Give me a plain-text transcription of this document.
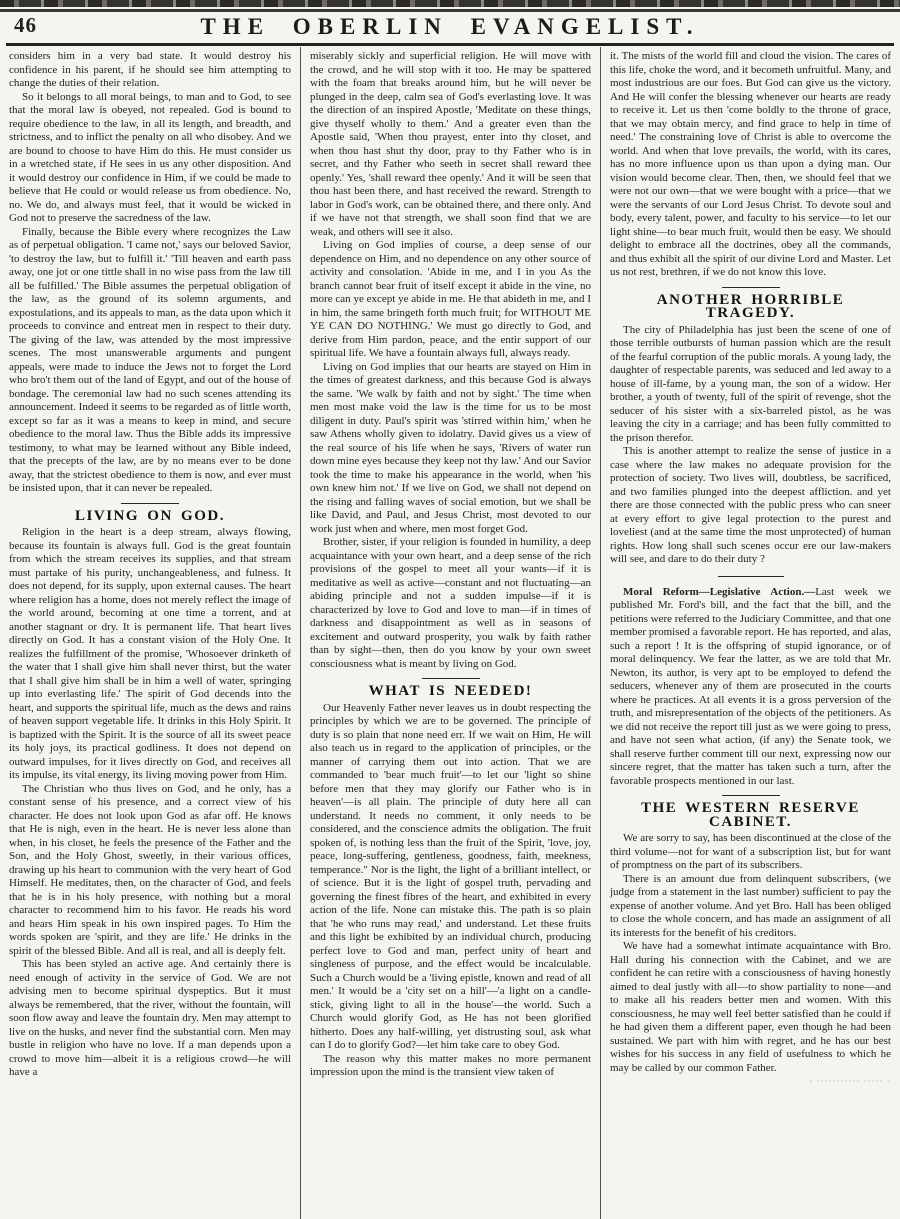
46	THE OBERLIN EVANGELIST.

considers him in a very bad state. It would destroy his confidence in his parent, if he should see him attempting to change the duties of their relation.

So it belongs to all moral beings, to man and to God, to see that the moral law is obeyed, not repealed. God is bound to require obedience to the law, in all its length, and breadth, and strictness, and to inflict the penalty on all who disobey. And we are bound to choose to have Him do this. He must consider us in a wretched state, if He sees in us any other disposition. And it would destroy our confidence in Him, if we could be made to believe that He could or would release us from obedience. No, no. We do, and always must feel, that it would be wicked in God not to preserve the sacredness of the law.

Finally, because the Bible every where recognizes the Law as of perpetual obligation. 'I came not,' says our beloved Savior, 'to destroy the law, but to fulfill it.' 'Till heaven and earth pass away, one jot or one tittle shall in no wise pass from the law till all be fulfilled.' The Bible assumes the perpetual obligation of the law, as the ground of its solemn arguments, and expostulations, and its appeals to man, as the data upon which it proceeds to convince and entreat men in respect to their duty. The giving of the law, was attended by the most impressive scenes. The most unanswerable arguments and pungent appeals, were made to induce the Jews not to forget the Lord who bro't them out of the land of Egypt, and out of the house of bondage. The ceremonial law had no such scenes attending its announcement. Indeed it seems to be regarded as of little worth, except so far as it was a means to keep in mind, and secure obedience to the moral law. Thus the Bible adds its impressive testimony, to what may be learned without any Bible indeed, that the precepts of the law, are by no means ever to be done away, that the strictest obedience to them is now, and ever must be insisted upon, that it can never be repealed.

LIVING ON GOD.

Religion in the heart is a deep stream, always flowing, because its fountain is always full. God is the great fountain from which the stream receives its supplies, and that stream must partake of his purity, unchangeableness, and fulness. It does not depend, for its supply, upon external causes. The heart where religion has a home, does not merely reflect the image of the world around, becoming at one time a torrent, and at another stagnant or dry. It is permanent life. That heart lives directly on God. It has a constant vision of the Holy One. It realizes the fulfillment of the promise, 'Whosoever drinketh of the water that I shall give him shall never thirst, but the water that I shall give him shall be in him a well of water, springing up into everlasting life.' The spirit of God decends into the heart, and supports the spiritual life, much as the dews and rains of heaven support vegetable life. It drinks in this Holy Spirit. It is baptized with the Spirit. It is the source of all its sweet peace its holy joys, its practical godliness. It does not depend on outward impulses, for it lives directly on God, and receives all its impulse, its vital energy, its living moving power from Him.

The Christian who thus lives on God, and he only, has a constant sense of his presence, and a correct view of his character. He does not look upon God as afar off. He knows that He is nigh, even in the heart. He is never less alone than when, in his closet, he feels the presence of the Father and the Son, and the Holy Ghost, sweetly, in their various offices, drawing up his heart to communion with the very heart of God Himself. He meditates, then, on the character of God, and feels that he is in his holy presence, with nothing but a moral character to recommend him to his favor. He reads his word and hears Him speak in his own inspired pages. To Him the words spoken are 'spirit, and they are life.' He drinks in the spirit of the blessed Bible. And all is real, and all is deeply felt.

This has been styled an active age. And certainly there is need enough of activity in the service of God. We are not advising men to become spiritual dyspeptics. But it must always be remembered, that the river, without the fountain, will soon flow away and leave the fountain dry. Men may attempt to live on the husks, and never find the substantial corn. Men may bustle in religion who have no love. If a man depends upon a crowd to move him—albeit it is a religious crowd—he will have a

miserably sickly and superficial religion. He will move with the crowd, and he will stop with it too. He may be spattered with the foam that breaks around him, but he will never be plunged in the deep, calm sea of God's everlasting love. It was the direction of an inspired Apostle, 'Meditate on these things, give thyself wholly to them.' And a greater even than the Apostle said, 'When thou prayest, enter into thy closet, and when thou hast shut thy door, pray to thy Father who is in secret, and thy Father who seeth in secret shall reward thee openly.' Yes, 'shall reward thee openly.' And it will be seen that thou hast been there, and hast received the reward. Strength to labor in God's work, can be obtained there, and there only. And if we have not that strength, we shall soon find that we are weak, and others will see it also.

Living on God implies of course, a deep sense of our dependence on Him, and no dependence on any other source of activity and consolation. 'Abide in me, and I in you As the branch cannot bear fruit of itself except it abide in the vine, no more can ye except ye abide in me. He that abideth in me, and I in him, the same bringeth forth much fruit; for WITHOUT ME YE CAN DO NOTHING.' We must go directly to God, and derive from Him pardon, peace, and the entir support of our spiritual life. We have a fountain always full, always ready.

Living on God implies that our hearts are stayed on Him in the times of greatest darkness, and this because God is always the same. 'We walk by faith and not by sight.' The time when men most make void the law is the time for us to be most diligent in duty. Paul's spirit was 'stirred within him,' when he saw Athens wholly given to idolatry. David gives us a view of the real source of his life when he says, 'Rivers of water run down mine eyes because they keep not thy law.' And our Savior took the time to make his appearance in the world, when 'his own knew him not.' If we live on God, we shall not depend on the rising and falling waves of social emotion, but we shall be like David, and Paul, and Jesus Christ, most devoted to our work just when and where, men most forget God.

Brother, sister, if your religion is founded in humility, a deep acquaintance with your own heart, and a deep sense of the rich provisions of the gospel to meet all your wants—if it is meditative as well as active—constant and not fluctuating—an abiding principle and not a sudden impulse—if it is characterized by love to God and love to man—if in times of darkness and disappointment as well as in seasons of excitement and outward prosperity, you walk by faith rather than by sight—then, then do you know by your own sweet consciousness what is meant by living on God.

WHAT IS NEEDED!

Our Heavenly Father never leaves us in doubt respecting the principles by which we are to be governed. The principle of duty is so plain that none need err. If we wait on Him, He will also teach us in regard to the application of principles, or the manner of carrying them out into action. That we are commanded to 'bear much fruit'—to let our 'light so shine before men that they may glorify our Father who is in heaven'—is all plain. The principle of duty here all can understand. It needs no comment, it only needs to be considered, and the conscience admits the obligation. The fruit spoken of, is nothing less than the fruit of the Spirit, 'love, joy, peace, long-suffering, gentleness, goodness, faith, meekness, temperance." Nor is the light, the light of a brilliant intellect, or of science. But it is the light of gospel truth, pervading and governing the finest fibres of the heart, and exhibited in every action of the life. None can mistake this. The path is so plain that 'he who runs may read,' and understand. Let these fruits and this light be exhibited by an individual church, producing perfect love to God and man, perfect unity of heart and singleness of purpose, and the effect would be incalculable. Such a Church would be a 'living epistle, known and read of all men.' It would be a 'city set on a hill'—'a light on a candle-stick, giving light to all in the house'—the world. Such a Church would glorify God, as He has not been glorified hitherto. Does any half-willing, yet distrusting soul, ask what can I do to glorify God?—let him take care to obey God.

The reason why this matter makes no more permanent impression upon the mind is the transient view taken of

it. The mists of the world fill and cloud the vision. The cares of this life, choke the word, and it becometh unfruitful. Many, and most industrious are our foes. But God can give us the victory. And He will confer the blessing whenever our hearts are ready to receive it. Let us then 'come boldly to the throne of grace, that we may obtain mercy, and find grace to help in time of need.' The constraining love of Christ is able to overcome the world. And when that love prevails, the world, with its cares, has no more influence upon us than upon a dying man. Our vision would become clear. Then, then, we should feel that we were not our own—that we were bought with a price—that we were the servants of our Lord Jesus Christ. To devote soul and body, every talent, power, and faculty to his service—to let our light shine—to bear much fruit, would then be easy. We should delight to embrace all the doctrines, obey all the commands, and thus exhibit all the spirit of our divine Lord and Master. Let us not rest, brethren, if we do not know this love.

ANOTHER HORRIBLE TRAGEDY.

The city of Philadelphia has just been the scene of one of those terrible outbursts of human passion which are the result of the fearful corruption of the public morals. A young lady, the daughter of respectable parents, was seduced and led away to a house of ill-fame, by a young man, the son of a widow. Her brother, a youth of twenty, full of the spirit of revenge, shot the seducer of his sister with a six-barreled pistol, as he was leaving the city in a carriage; and has been fully committed to the prison therefor.

This is another attempt to realize the sense of justice in a case where the law makes no adequate provision for the protection of society. Two lives will, doubtless, be sacrificed, and two families plunged into the deepest affliction. and yet there are those connected with the public press who can sneer at every effort to give legal protection to the purest and loveliest (and at the same time the most unprotected) of human rights. How long shall such scenes occur ere our law-makers will see, and dare to do their duty ?

Moral Reform—Legislative Action.—Last week we published Mr. Ford's bill, and the fact that the bill, and the petitions were referred to the Judiciary Committee, and that one member promised a favorable report. He has reported, and alas, such a report ! It is the offspring of stupid ignorance, or of moral delinquency. We fear the latter, as we are told that Mr. Newton, its author, is very apt to be employed to defend the seducers, whenever any of them are prosecuted in the courts where he practices. At all events it is a gross perversion of the truth, and misrepresentation of the objects of the petitioners. As we did not receive the report till just as we were going to press, and have not seen what action, (if any) the Senate took, we shall reserve further comment till our next, expressing now our sincere regret, that the matter has taken such a turn, after the favorable prospects mentioned in our last.

THE WESTERN RESERVE CABINET.

We are sorry to say, has been discontinued at the close of the third volume—not for want of a subscription list, but for want of promptness on the part of its subscribers.

There is an amount due from delinquent subscribers, (we judge from a statement in the last number) sufficient to pay the expense of another volume. And yet Bro. Hall has been obliged to close the whole concern, and has made an assignment of all its interests for the benefit of his creditors.

We have had a somewhat intimate acquaintance with Bro. Hall during his connection with the Cabinet, and we are confident he can retire with a consciousness of having honestly aimed to deal justly with all—to show partiality to none—and to make all his readers better men and women. With this consciousness, he may well feel better satisfied than he could if he had given them a different paper, even though he had been sustained. We part with him with regret, and he has our best wishes for his success in any field of usefulness to which he may be called by our common Father.

· ··········· ····· ·
